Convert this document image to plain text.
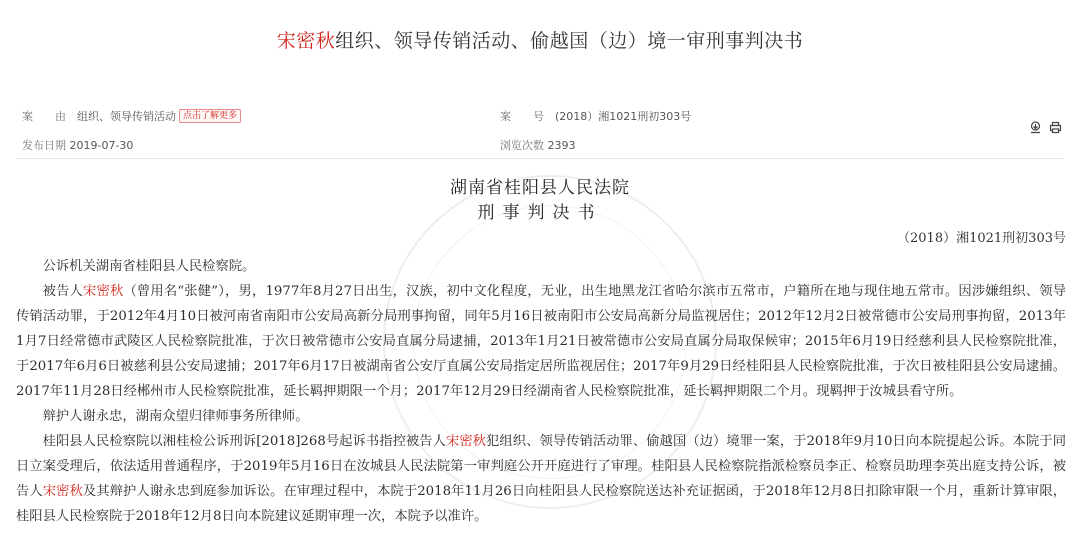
宋密秋组织、领导传销活动、偷越国（边）境一审刑事判决书
案　　由　 组织、领导传销活动 点击了解更多	案　　号　 (2018）湘1021刑初303号
发布日期 2019-07-30	浏览次数 2393

湖南省桂阳县人民法院
刑事判决书
（2018）湘1021刑初303号

公诉机关湖南省桂阳县人民检察院。

被告人宋密秋（曾用名“张健”），男，1977年8月27日出生，汉族，初中文化程度，无业，出生地黑龙江省哈尔滨市五常市，户籍所在地与现住地五常市。因涉嫌组织、领导传销活动罪，于2012年4月10日被河南省南阳市公安局高新分局刑事拘留，同年5月16日被南阳市公安局高新分局监视居住；2012年12月2日被常德市公安局刑事拘留，2013年1月7日经常德市武陵区人民检察院批准，于次日被常德市公安局直属分局逮捕，2013年1月21日被常德市公安局直属分局取保候审；2015年6月19日经慈利县人民检察院批准，于2017年6月6日被慈利县公安局逮捕；2017年6月17日被湖南省公安厅直属公安局指定居所监视居住；2017年9月29日经桂阳县人民检察院批准，于次日被桂阳县公安局逮捕。2017年11月28日经郴州市人民检察院批准，延长羁押期限一个月；2017年12月29日经湖南省人民检察院批准，延长羁押期限二个月。现羁押于汝城县看守所。

辩护人谢永忠，湖南众望归律师事务所律师。

桂阳县人民检察院以湘桂检公诉刑诉[2018]268号起诉书指控被告人宋密秋犯组织、领导传销活动罪、偷越国（边）境罪一案，于2018年9月10日向本院提起公诉。本院于同日立案受理后，依法适用普通程序，于2019年5月16日在汝城县人民法院第一审判庭公开开庭进行了审理。桂阳县人民检察院指派检察员李正、检察员助理李英出庭支持公诉，被告人宋密秋及其辩护人谢永忠到庭参加诉讼。在审理过程中，本院于2018年11月26日向桂阳县人民检察院送达补充证据函，于2018年12月8日扣除审限一个月，重新计算审限，桂阳县人民检察院于2018年12月8日向本院建议延期审理一次，本院予以准许。
